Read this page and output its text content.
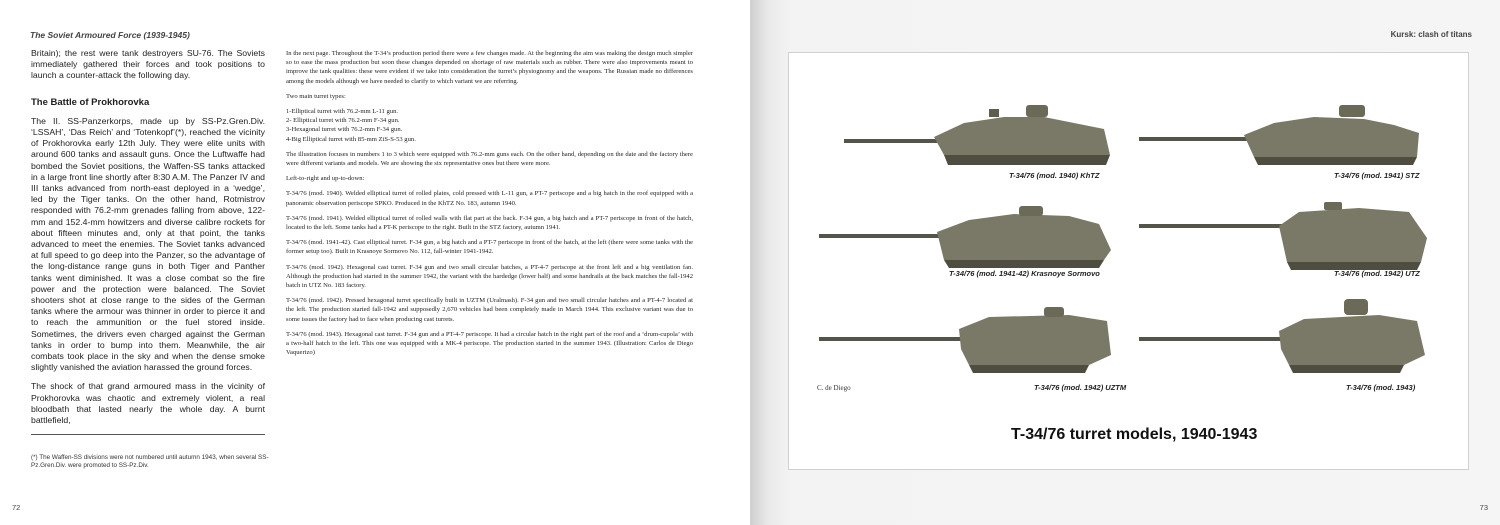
The Soviet Armoured Force (1939-1945)

Britain); the rest were tank destroyers SU-76. The Soviets immediately gathered their forces and took positions to launch a counter-attack the following day.

The Battle of Prokhorovka

The II. SS-Panzerkorps, made up by SS-Pz.Gren.Div. ‘LSSAH’, ‘Das Reich’ and ‘Totenkopf’(*), reached the vicinity of Prokhorovka early 12th July. They were elite units with around 600 tanks and assault guns. Once the Luftwaffe had bombed the Soviet positions, the Waffen-SS tanks attacked in a large front line shortly after 8:30 A.M. The Panzer IV and III tanks advanced from north-east deployed in a ‘wedge’, led by the Tiger tanks. On the other hand, Rotmistrov responded with 76.2-mm grenades falling from above, 122-mm and 152.4-mm howitzers and diverse calibre rockets for about fifteen minutes and, only at that point, the tanks advanced to meet the enemies. The Soviet tanks advanced at full speed to go deep into the Panzer, so the advantage of the long-distance range guns in both Tiger and Panther tanks went diminished. It was a close combat so the fire power and the protection were balanced. The Soviet shooters shot at close range to the sides of the German tanks where the armour was thinner in order to pierce it and to reach the ammunition or the fuel stored inside. Sometimes, the drivers even charged against the German tanks in order to bump into them. Meanwhile, the air combats took place in the sky and when the dense smoke slightly vanished the aviation harassed the ground forces.

The shock of that grand armoured mass in the vicinity of Prokhorovka was chaotic and extremely violent, a real bloodbath that lasted nearly the whole day. A burnt battlefield,

(*) The Waffen-SS divisions were not numbered until autumn 1943, when several SS-Pz.Gren.Div. were promoted to SS-Pz.Div.

In the next page. Throughout the T-34’s production period there were a few changes made. At the beginning the aim was making the design much simpler so to ease the mass production but soon these changes depended on shortage of raw materials such as rubber. There were also improvements meant to improve the tank qualities: these were evident if we take into consideration the turret’s physiognomy and the weapons. The Russian made no differences among the models although we have needed to clarify to which variant we are referring.

Two main turret types:

1-Elliptical turret with 76.2-mm L-11 gun.

2- Elliptical turret with 76.2-mm F-34 gun.

3-Hexagonal turret with 76.2-mm F-34 gun.

4-Big Elliptical turret with 85-mm ZiS-S-53 gun.

The illustration focuses in numbers 1 to 3 which were equipped with 76.2-mm guns each. On the other hand, depending on the date and the factory there were different variants and models. We are showing the six representative ones but there were more.

Left-to-right and up-to-down:

T-34/76 (mod. 1940). Welded elliptical turret of rolled plates, cold pressed with L-11 gun, a PT-7 periscope and a big hatch in the roof equipped with a panoramic observation periscope SPKO. Produced in the KhTZ No. 183, autumn 1940.

T-34/76 (mod. 1941). Welded elliptical turret of rolled walls with flat part at the back. F-34 gun, a big hatch and a PT-7 periscope in front of the hatch, located to the left. Some tanks had a PT-K periscope to the right. Built in the STZ factory, autumn 1941.

T-34/76 (mod. 1941-42). Cast elliptical turret. F-34 gun, a big hatch and a PT-7 periscope in front of the hatch, at the left (there were some tanks with the former setup too). Built in Krasnoye Sormovo No. 112, fall-winter 1941-1942.

T-34/76 (mod. 1942). Hexagonal cast turret. F-34 gun and two small circular hatches, a PT-4-7 periscope at the front left and a big ventilation fan. Although the production had started in the summer 1942, the variant with the hardedge (lower half) and some handrails at the back matches the fall-1942 batch in UTZ No. 183 factory.

T-34/76 (mod. 1942). Pressed hexagonal turret specifically built in UZTM (Uralmash). F-34 gun and two small circular hatches and a PT-4-7 located at the left. The production started fall-1942 and supposedly 2,670 vehicles had been completely made in March 1944. This exclusive variant was due to some issues the factory had to face when producing cast turrets.

T-34/76 (mod. 1943). Hexagonal cast turret. F-34 gun and a PT-4-7 periscope. It had a circular hatch in the right part of the roof and a ‘drum-cupola’ with a two-half hatch to the left. This one was equipped with a MK-4 periscope. The production started in the summer 1943. (Illustration: Carlos de Diego Vaquerizo)

72
Kursk: clash of titans
73
T-34/76 (mod. 1940) KhTZ	T-34/76 (mod. 1941) STZ
T-34/76 (mod. 1941-42) Krasnoye Sormovo	T-34/76 (mod. 1942) UTZ
T-34/76 (mod. 1942) UZTM	T-34/76 (mod. 1943)
C. de Diego
T-34/76 turret models, 1940-1943
